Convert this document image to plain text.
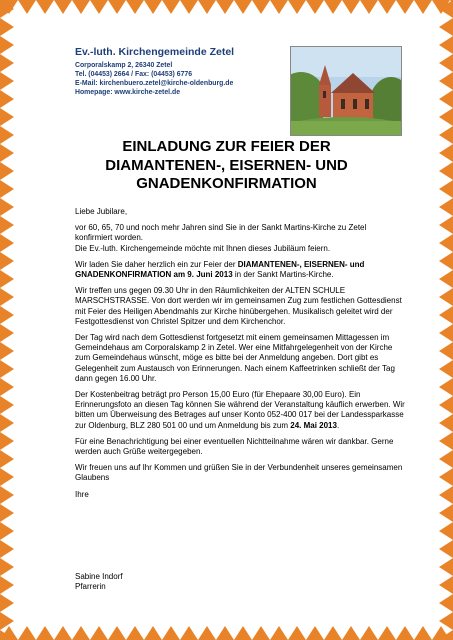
Ev.-luth. Kirchengemeinde Zetel

Corporalskamp 2, 26340 Zetel

Tel. (04453) 2664 / Fax: (04453) 6776

E-Mail: kirchenbuero.zetel@kirche-oldenburg.de

Homepage: www.kirche-zetel.de

EINLADUNG ZUR FEIER DER
DIAMANTENEN-, EISERNEN- UND
GNADENKONFIRMATION

Liebe Jubilare,

vor 60, 65, 70 und noch mehr Jahren sind Sie in der Sankt Martins-Kirche zu Zetel konfirmiert worden.

Die Ev.-luth. Kirchengemeinde möchte mit Ihnen dieses Jubiläum feiern.

Wir laden Sie daher herzlich ein zur Feier der DIAMANTENEN-, EISERNEN- und GNADENKONFIRMATION am 9. Juni 2013 in der Sankt Martins-Kirche.

Wir treffen uns gegen 09.30 Uhr in den Räumlichkeiten der ALTEN SCHULE MARSCHSTRASSE. Von dort werden wir im gemeinsamen Zug zum festlichen Gottesdienst mit Feier des Heiligen Abendmahls zur Kirche hinübergehen. Musikalisch geleitet wird der Festgottesdienst von Christel Spitzer und dem Kirchenchor.

Der Tag wird nach dem Gottesdienst fortgesetzt mit einem gemeinsamen Mittagessen im Gemeindehaus am Corporalskamp 2 in Zetel. Wer eine Mitfahrgelegenheit von der Kirche zum Gemeindehaus wünscht, möge es bitte bei der Anmeldung angeben. Dort gibt es Gelegenheit zum Austausch von Erinnerungen. Nach einem Kaffeetrinken schließt der Tag dann gegen 16.00 Uhr.

Der Kostenbeitrag beträgt pro Person 15,00 Euro (für Ehepaare 30,00 Euro). Ein Erinnerungsfoto an diesen Tag können Sie während der Veranstaltung käuflich erwerben. Wir bitten um Überweisung des Betrages auf unser Konto 052-400 017 bei der Landessparkasse zur Oldenburg, BLZ 280 501 00 und um Anmeldung bis zum 24. Mai 2013.

Für eine Benachrichtigung bei einer eventuellen Nichtteilnahme wären wir dankbar. Gerne werden auch Grüße weitergegeben.

Wir freuen uns auf Ihr Kommen und grüßen Sie in der Verbundenheit unseres gemeinsamen Glaubens

Ihre

Sabine Indorf

Pfarrerin
